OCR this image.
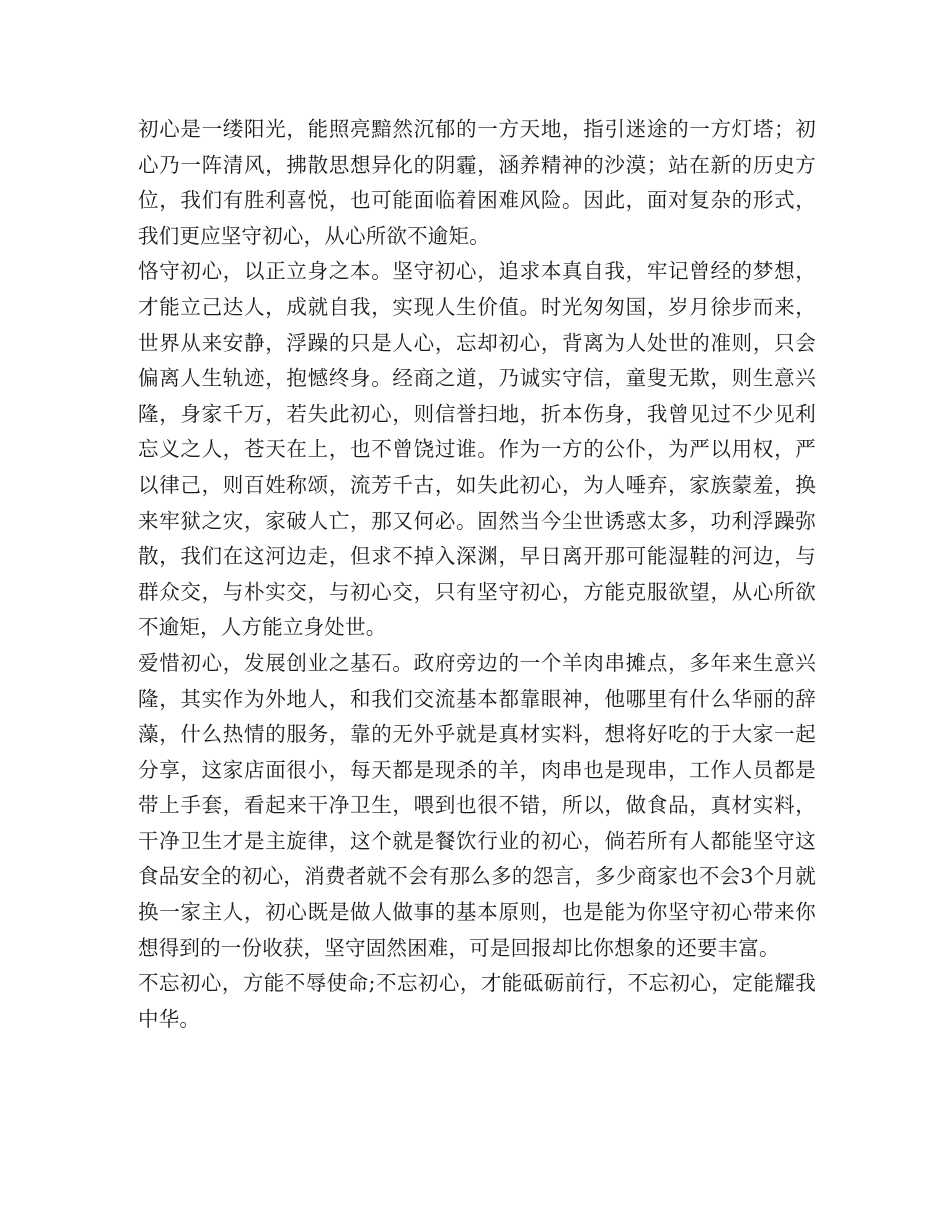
初心是一缕阳光，能照亮黯然沉郁的一方天地，指引迷途的一方灯塔；初心乃一阵清风，拂散思想异化的阴霾，涵养精神的沙漠；站在新的历史方位，我们有胜利喜悦，也可能面临着困难风险。因此，面对复杂的形式，我们更应坚守初心，从心所欲不逾矩。

恪守初心，以正立身之本。坚守初心，追求本真自我，牢记曾经的梦想，才能立己达人，成就自我，实现人生价值。时光匆匆国，岁月徐步而来，世界从来安静，浮躁的只是人心，忘却初心，背离为人处世的准则，只会偏离人生轨迹，抱憾终身。经商之道，乃诚实守信，童叟无欺，则生意兴隆，身家千万，若失此初心，则信誉扫地，折本伤身，我曾见过不少见利忘义之人，苍天在上，也不曾饶过谁。作为一方的公仆，为严以用权，严以律己，则百姓称颂，流芳千古，如失此初心，为人唾弃，家族蒙羞，换来牢狱之灾，家破人亡，那又何必。固然当今尘世诱惑太多，功利浮躁弥散，我们在这河边走，但求不掉入深渊，早日离开那可能湿鞋的河边，与群众交，与朴实交，与初心交，只有坚守初心，方能克服欲望，从心所欲不逾矩，人方能立身处世。

爱惜初心，发展创业之基石。政府旁边的一个羊肉串摊点，多年来生意兴隆，其实作为外地人，和我们交流基本都靠眼神，他哪里有什么华丽的辞藻，什么热情的服务，靠的无外乎就是真材实料，想将好吃的于大家一起分享，这家店面很小，每天都是现杀的羊，肉串也是现串，工作人员都是带上手套，看起来干净卫生，喂到也很不错，所以，做食品，真材实料，干净卫生才是主旋律，这个就是餐饮行业的初心，倘若所有人都能坚守这食品安全的初心，消费者就不会有那么多的怨言，多少商家也不会3个月就换一家主人，初心既是做人做事的基本原则，也是能为你坚守初心带来你想得到的一份收获，坚守固然困难，可是回报却比你想象的还要丰富。

不忘初心，方能不辱使命;不忘初心，才能砥砺前行，不忘初心，定能耀我中华。
